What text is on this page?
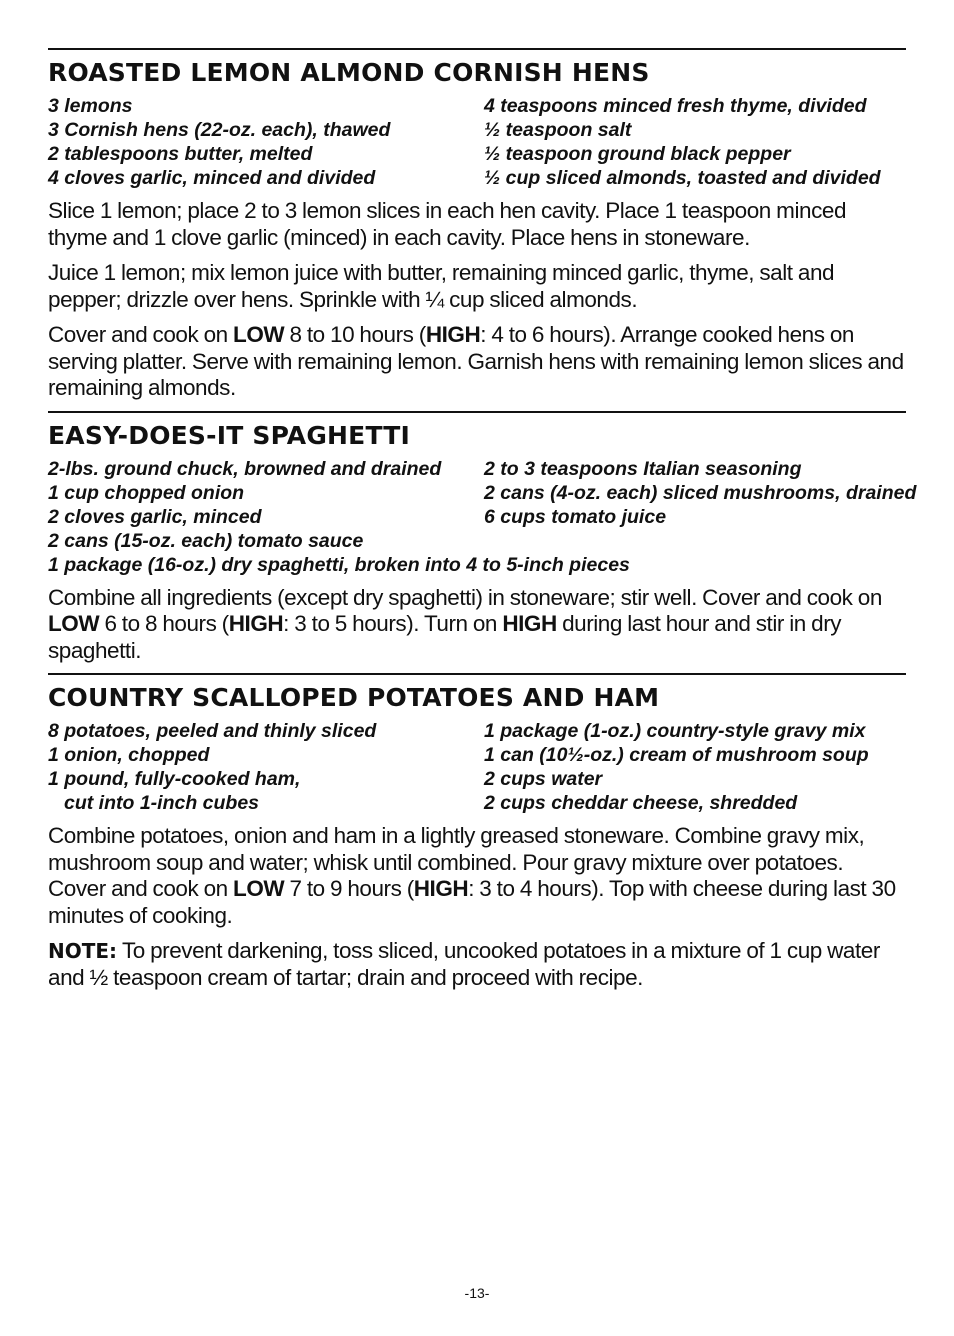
ROASTED LEMON ALMOND CORNISH HENS
3 lemons
3 Cornish hens (22-oz. each), thawed
2 tablespoons butter, melted
4 cloves garlic, minced and divided
4 teaspoons minced fresh thyme, divided
½ teaspoon salt
½ teaspoon ground black pepper
½ cup sliced almonds, toasted and divided

Slice 1 lemon; place 2 to 3 lemon slices in each hen cavity. Place 1 teaspoon minced thyme and 1 clove garlic (minced) in each cavity. Place hens in stoneware.

Juice 1 lemon; mix lemon juice with butter, remaining minced garlic, thyme, salt and pepper; drizzle over hens. Sprinkle with ¼ cup sliced almonds.

Cover and cook on LOW 8 to 10 hours (HIGH: 4 to 6 hours). Arrange cooked hens on serving platter. Serve with remaining lemon. Garnish hens with remaining lemon slices and remaining almonds.

EASY-DOES-IT SPAGHETTI
2-lbs. ground chuck, browned and drained
1 cup chopped onion
2 cloves garlic, minced
2 cans (15-oz. each) tomato sauce
2 to 3 teaspoons Italian seasoning
2 cans (4-oz. each) sliced mushrooms, drained
6 cups tomato juice
1 package (16-oz.) dry spaghetti, broken into 4 to 5-inch pieces

Combine all ingredients (except dry spaghetti) in stoneware; stir well. Cover and cook on LOW 6 to 8 hours (HIGH: 3 to 5 hours). Turn on HIGH during last hour and stir in dry spaghetti.

COUNTRY SCALLOPED POTATOES AND HAM
8 potatoes, peeled and thinly sliced
1 onion, chopped
1 pound, fully-cooked ham,
cut into 1-inch cubes
1 package (1-oz.) country-style gravy mix
1 can (10½-oz.) cream of mushroom soup
2 cups water
2 cups cheddar cheese, shredded

Combine potatoes, onion and ham in a lightly greased stoneware. Combine gravy mix, mushroom soup and water; whisk until combined. Pour gravy mixture over potatoes. Cover and cook on LOW 7 to 9 hours (HIGH: 3 to 4 hours). Top with cheese during last 30 minutes of cooking.

NOTE: To prevent darkening, toss sliced, uncooked potatoes in a mixture of 1 cup water and ½ teaspoon cream of tartar; drain and proceed with recipe.

-13-
